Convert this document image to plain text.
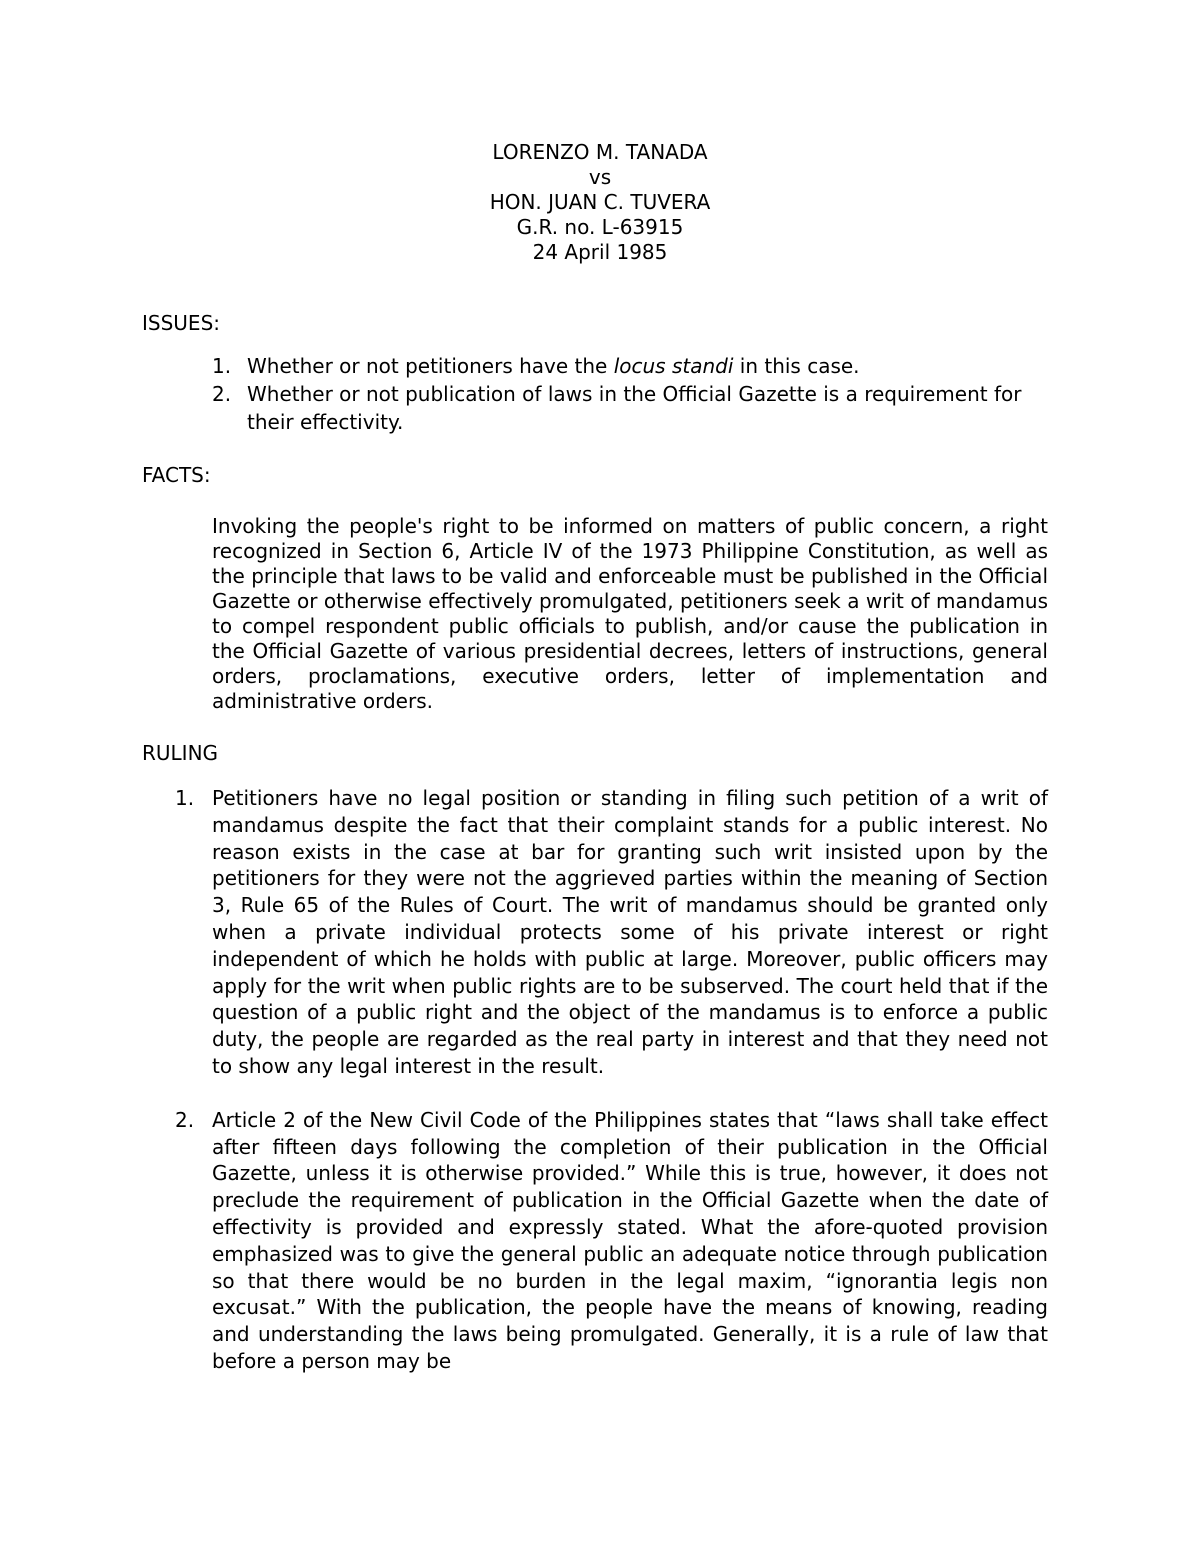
LORENZO M. TANADA
vs
HON. JUAN C. TUVERA
G.R. no. L-63915
24 April 1985
ISSUES:
1. Whether or not petitioners have the locus standi in this case.
2. Whether or not publication of laws in the Official Gazette is a requirement for their effectivity.
FACTS:

Invoking the people's right to be informed on matters of public concern, a right recognized in Section 6, Article IV of the 1973 Philippine Constitution, as well as the principle that laws to be valid and enforceable must be published in the Official Gazette or otherwise effectively promulgated, petitioners seek a writ of mandamus to compel respondent public officials to publish, and/or cause the publication in the Official Gazette of various presidential decrees, letters of instructions, general orders, proclamations, executive orders, letter of implementation and administrative orders.

RULING
1. Petitioners have no legal position or standing in filing such petition of a writ of mandamus despite the fact that their complaint stands for a public interest. No reason exists in the case at bar for granting such writ insisted upon by the petitioners for they were not the aggrieved parties within the meaning of Section 3, Rule 65 of the Rules of Court. The writ of mandamus should be granted only when a private individual protects some of his private interest or right independent of which he holds with public at large. Moreover, public officers may apply for the writ when public rights are to be subserved. The court held that if the question of a public right and the object of the mandamus is to enforce a public duty, the people are regarded as the real party in interest and that they need not to show any legal interest in the result.
2. Article 2 of the New Civil Code of the Philippines states that “laws shall take effect after fifteen days following the completion of their publication in the Official Gazette, unless it is otherwise provided.” While this is true, however, it does not preclude the requirement of publication in the Official Gazette when the date of effectivity is provided and expressly stated. What the afore-quoted provision emphasized was to give the general public an adequate notice through publication so that there would be no burden in the legal maxim, “ignorantia legis non excusat.” With the publication, the people have the means of knowing, reading and understanding the laws being promulgated. Generally, it is a rule of law that before a person may be
